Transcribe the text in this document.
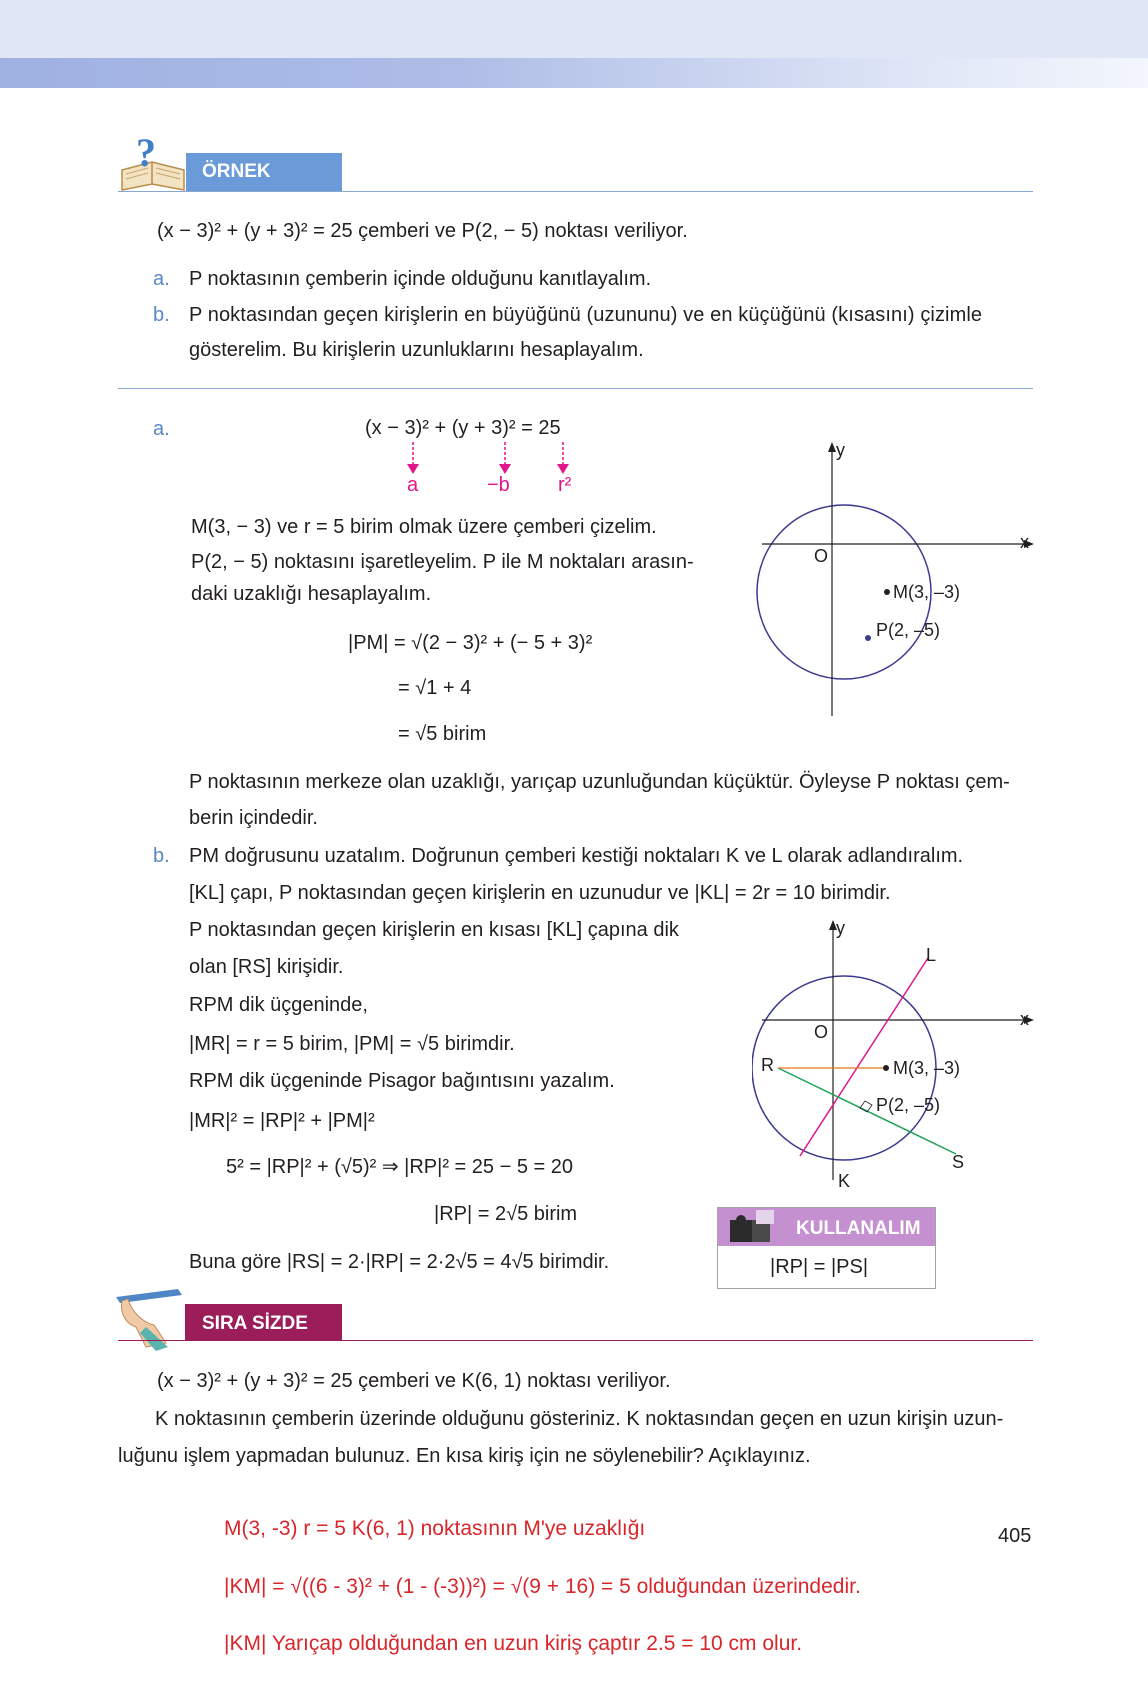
? ÖRNEK
(x − 3)² + (y + 3)² = 25 çemberi ve P(2, − 5) noktası veriliyor.
a. P noktasının çemberin içinde olduğunu kanıtlayalım.
b. P noktasından geçen kirişlerin en büyüğünü (uzununu) ve en küçüğünü (kısasını) çizimle
gösterelim. Bu kirişlerin uzunluklarını hesaplayalım.
a.	(x − 3)² + (y + 3)² = 25
a	−b r²
M(3, − 3) ve r = 5 birim olmak üzere çemberi çizelim.
P(2, − 5) noktasını işaretleyelim. P ile M noktaları arasın-
daki uzaklığı hesaplayalım.
|PM| = √(2 − 3)² + (− 5 + 3)²
= √1 + 4
= √5 birim
y
x
O
M(3, –3)
P(2, –5)
P noktasının merkeze olan uzaklığı, yarıçap uzunluğundan küçüktür. Öyleyse P noktası çem-
berin içindedir.
b. PM doğrusunu uzatalım. Doğrunun çemberi kestiği noktaları K ve L olarak adlandıralım.
[KL] çapı, P noktasından geçen kirişlerin en uzunudur ve |KL| = 2r = 10 birimdir.
P noktasından geçen kirişlerin en kısası [KL] çapına dik
olan [RS] kirişidir.
RPM dik üçgeninde,
|MR| = r = 5 birim, |PM| = √5 birimdir.
RPM dik üçgeninde Pisagor bağıntısını yazalım.
|MR|² = |RP|² + |PM|²
5² = |RP|² + (√5)² ⇒ |RP|² = 25 − 5 = 20
|RP| = 2√5 birim
Buna göre |RS| = 2·|RP| = 2·2√5 = 4√5 birimdir.
y
L
x
O
R	M(3, –3)
P(2, –5)
S
K
KULLANALIM
|RP| = |PS|
SIRA SİZDE
(x − 3)² + (y + 3)² = 25 çemberi ve K(6, 1) noktası veriliyor.
K noktasının çemberin üzerinde olduğunu gösteriniz. K noktasından geçen en uzun kirişin uzun-
luğunu işlem yapmadan bulunuz. En kısa kiriş için ne söylenebilir? Açıklayınız.
M(3, -3) r = 5 K(6, 1) noktasının M'ye uzaklığı
|KM| = √((6 - 3)² + (1 - (-3))²) = √(9 + 16) = 5 olduğundan üzerindedir.
|KM| Yarıçap olduğundan en uzun kiriş çaptır 2.5 = 10 cm olur.
405
